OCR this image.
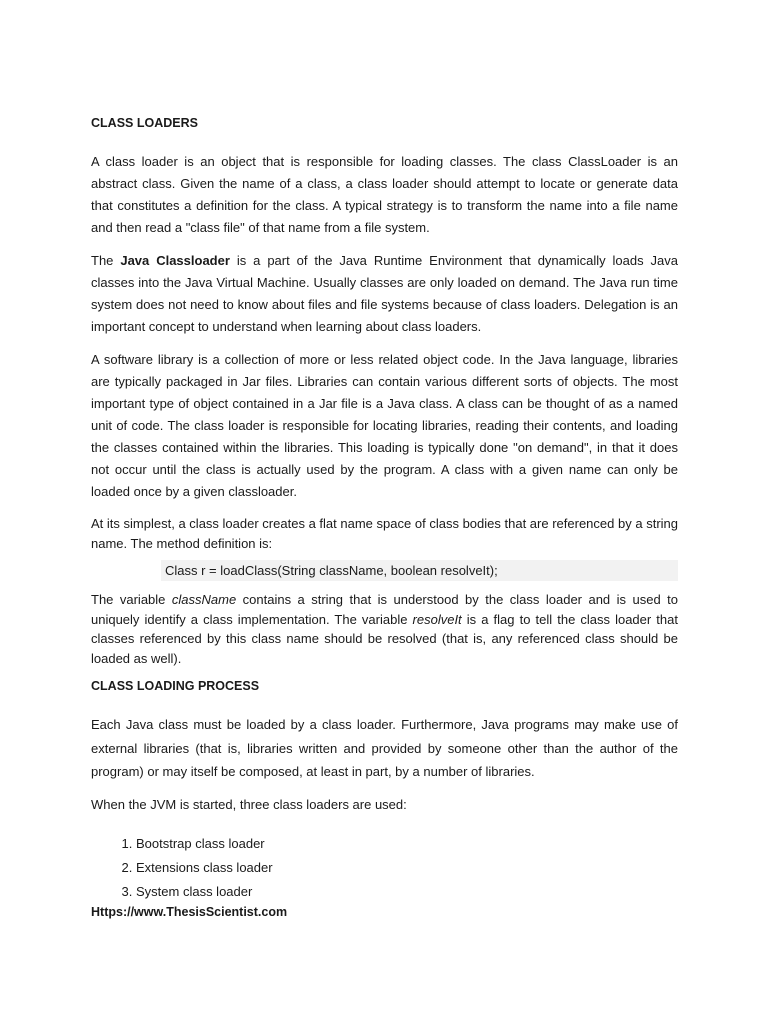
CLASS LOADERS

A class loader is an object that is responsible for loading classes. The class ClassLoader is an abstract class. Given the name of a class, a class loader should attempt to locate or generate data that constitutes a definition for the class. A typical strategy is to transform the name into a file name and then read a "class file" of that name from a file system.

The Java Classloader is a part of the Java Runtime Environment that dynamically loads Java classes into the Java Virtual Machine. Usually classes are only loaded on demand. The Java run time system does not need to know about files and file systems because of class loaders. Delegation is an important concept to understand when learning about class loaders.

A software library is a collection of more or less related object code. In the Java language, libraries are typically packaged in Jar files. Libraries can contain various different sorts of objects. The most important type of object contained in a Jar file is a Java class. A class can be thought of as a named unit of code. The class loader is responsible for locating libraries, reading their contents, and loading the classes contained within the libraries. This loading is typically done "on demand", in that it does not occur until the class is actually used by the program. A class with a given name can only be loaded once by a given classloader.

At its simplest, a class loader creates a flat name space of class bodies that are referenced by a string name. The method definition is:

Class r = loadClass(String className, boolean resolveIt);

The variable className contains a string that is understood by the class loader and is used to uniquely identify a class implementation. The variable resolveIt is a flag to tell the class loader that classes referenced by this class name should be resolved (that is, any referenced class should be loaded as well).

CLASS LOADING PROCESS

Each Java class must be loaded by a class loader. Furthermore, Java programs may make use of external libraries (that is, libraries written and provided by someone other than the author of the program) or may itself be composed, at least in part, by a number of libraries.

When the JVM is started, three class loaders are used:

1. Bootstrap class loader
2. Extensions class loader
3. System class loader
Https://www.ThesisScientist.com
